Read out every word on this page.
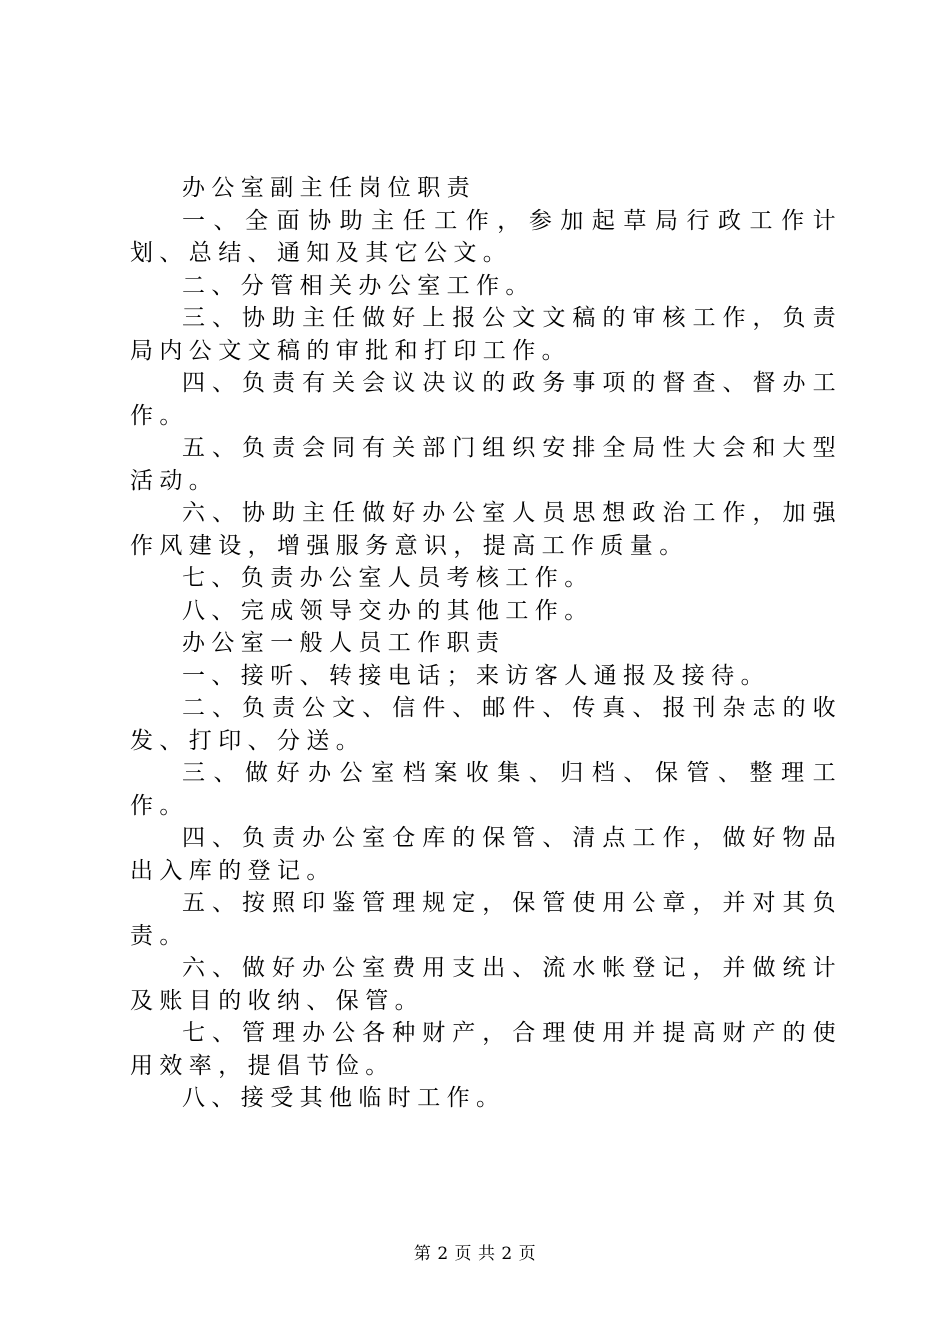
办公室副主任岗位职责

一、全面协助主任工作，参加起草局行政工作计划、总结、通知及其它公文。

二、分管相关办公室工作。

三、协助主任做好上报公文文稿的审核工作，负责局内公文文稿的审批和打印工作。

四、负责有关会议决议的政务事项的督查、督办工作。

五、负责会同有关部门组织安排全局性大会和大型活动。

六、协助主任做好办公室人员思想政治工作，加强作风建设，增强服务意识，提高工作质量。

七、负责办公室人员考核工作。

八、完成领导交办的其他工作。

办公室一般人员工作职责

一、接听、转接电话；来访客人通报及接待。

二、负责公文、信件、邮件、传真、报刊杂志的收发、打印、分送。

三、做好办公室档案收集、归档、保管、整理工作。

四、负责办公室仓库的保管、清点工作，做好物品出入库的登记。

五、按照印鉴管理规定，保管使用公章，并对其负责。

六、做好办公室费用支出、流水帐登记，并做统计及账目的收纳、保管。

七、管理办公各种财产，合理使用并提高财产的使用效率，提倡节俭。

八、接受其他临时工作。

第 2 页 共 2 页
